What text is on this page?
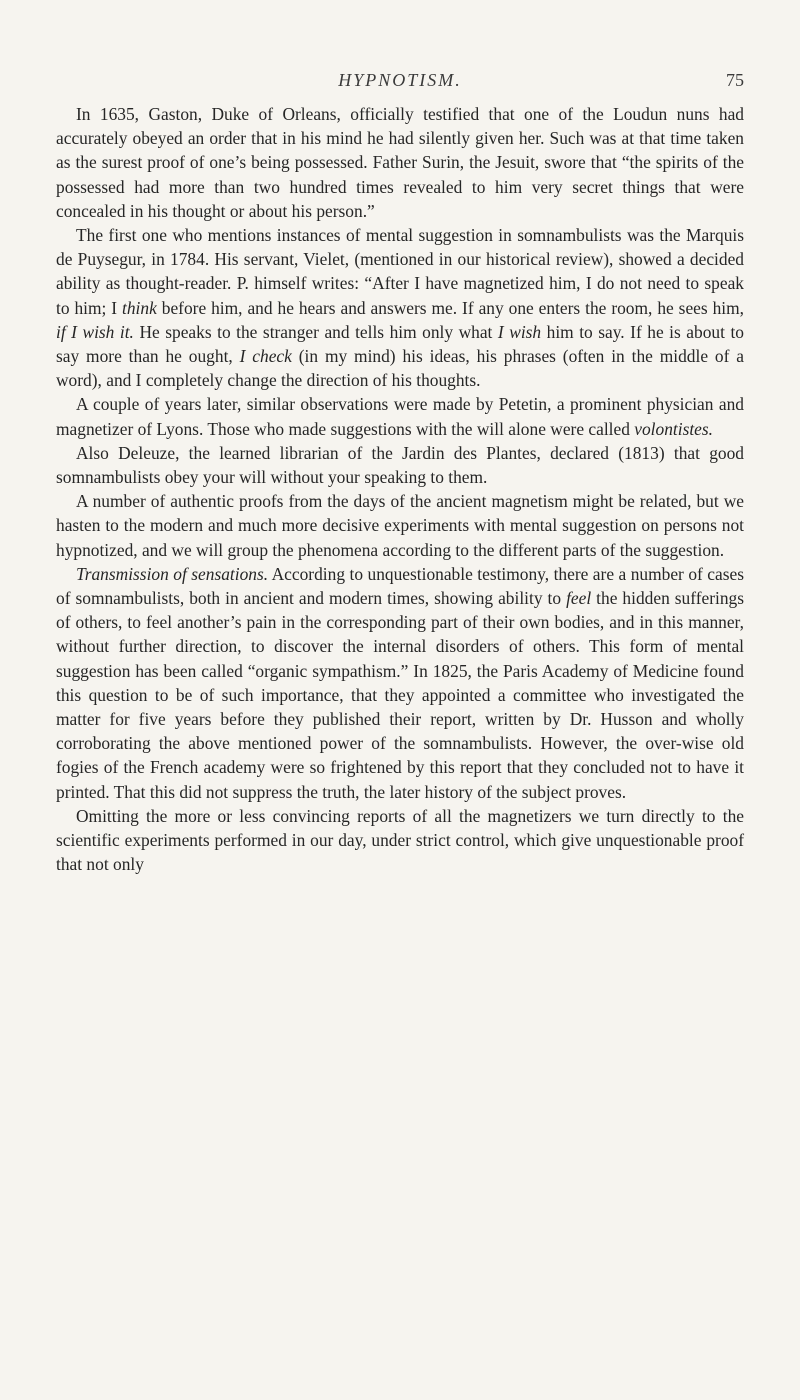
HYPNOTISM.	75

In 1635, Gaston, Duke of Orleans, officially testified that one of the Loudun nuns had accurately obeyed an order that in his mind he had silently given her. Such was at that time taken as the surest proof of one’s being possessed. Father Surin, the Jesuit, swore that “the spirits of the possessed had more than two hundred times revealed to him very secret things that were concealed in his thought or about his person.”

The first one who mentions instances of mental suggestion in somnambulists was the Marquis de Puysegur, in 1784. His servant, Vielet, (mentioned in our historical review), showed a decided ability as thought-reader. P. himself writes: “After I have magnetized him, I do not need to speak to him; I think before him, and he hears and answers me. If any one enters the room, he sees him, if I wish it. He speaks to the stranger and tells him only what I wish him to say. If he is about to say more than he ought, I check (in my mind) his ideas, his phrases (often in the middle of a word), and I completely change the direction of his thoughts.

A couple of years later, similar observations were made by Petetin, a prominent physician and magnetizer of Lyons. Those who made suggestions with the will alone were called volontistes.

Also Deleuze, the learned librarian of the Jardin des Plantes, declared (1813) that good somnambulists obey your will without your speaking to them.

A number of authentic proofs from the days of the ancient magnetism might be related, but we hasten to the modern and much more decisive experiments with mental suggestion on persons not hypnotized, and we will group the phenomena according to the different parts of the suggestion.

Transmission of sensations. According to unquestionable testimony, there are a number of cases of somnambulists, both in ancient and modern times, showing ability to feel the hidden sufferings of others, to feel another’s pain in the corresponding part of their own bodies, and in this manner, without further direction, to discover the internal disorders of others. This form of mental suggestion has been called “organic sympathism.” In 1825, the Paris Academy of Medicine found this question to be of such importance, that they appointed a committee who investigated the matter for five years before they published their report, written by Dr. Husson and wholly corroborating the above mentioned power of the somnambulists. However, the over-wise old fogies of the French academy were so frightened by this report that they concluded not to have it printed. That this did not suppress the truth, the later history of the subject proves.

Omitting the more or less convincing reports of all the magnetizers we turn directly to the scientific experiments performed in our day, under strict control, which give unquestionable proof that not only
